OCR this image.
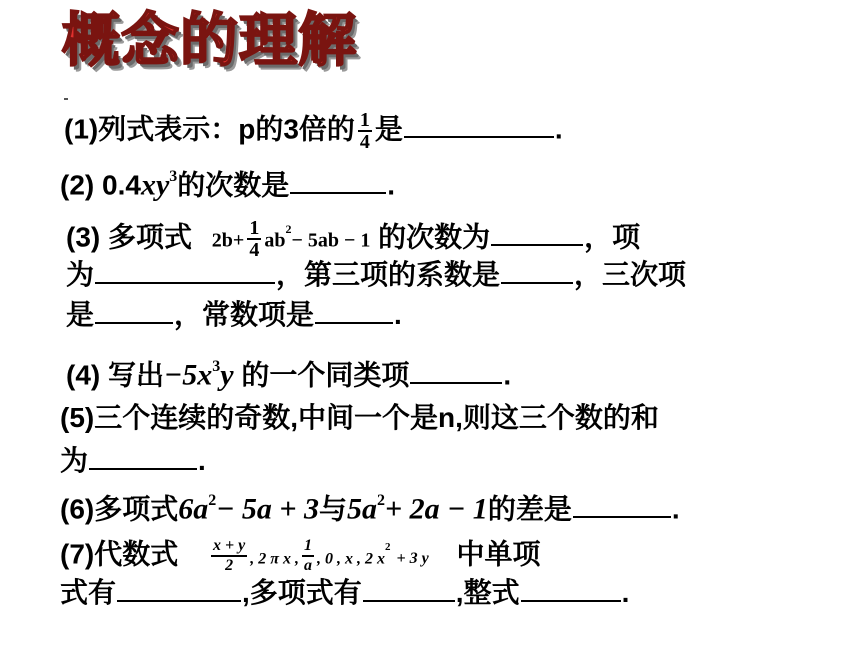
概念的理解
(1)列式表示：p的3倍的 $\frac{1}{4}$ 是	.
(2) $0.4xy^3$的次数是	.
(3) 多项式 $2b+ \frac{1}{4} ab^2- 5ab - 1$ 的次数为	，项
为	，第三项的系数是	，三次项
是	，常数项是	.
(4) 写出$-5x^3y$ 的一个同类项	.
(5)三个连续的奇数,中间一个是n,则这三个数的和
为	.
(6)多项式$6a^2- 5a + 3$与$5a^2+ 2a - 1$的差是	.
(7)代数式 $\frac{x + y}{2}$ , 2 π x , $\frac{1}{a}$ , 0 , x , 2 $x^2+ 3$ y 中单项
式有	,多项式有	,整式	.
